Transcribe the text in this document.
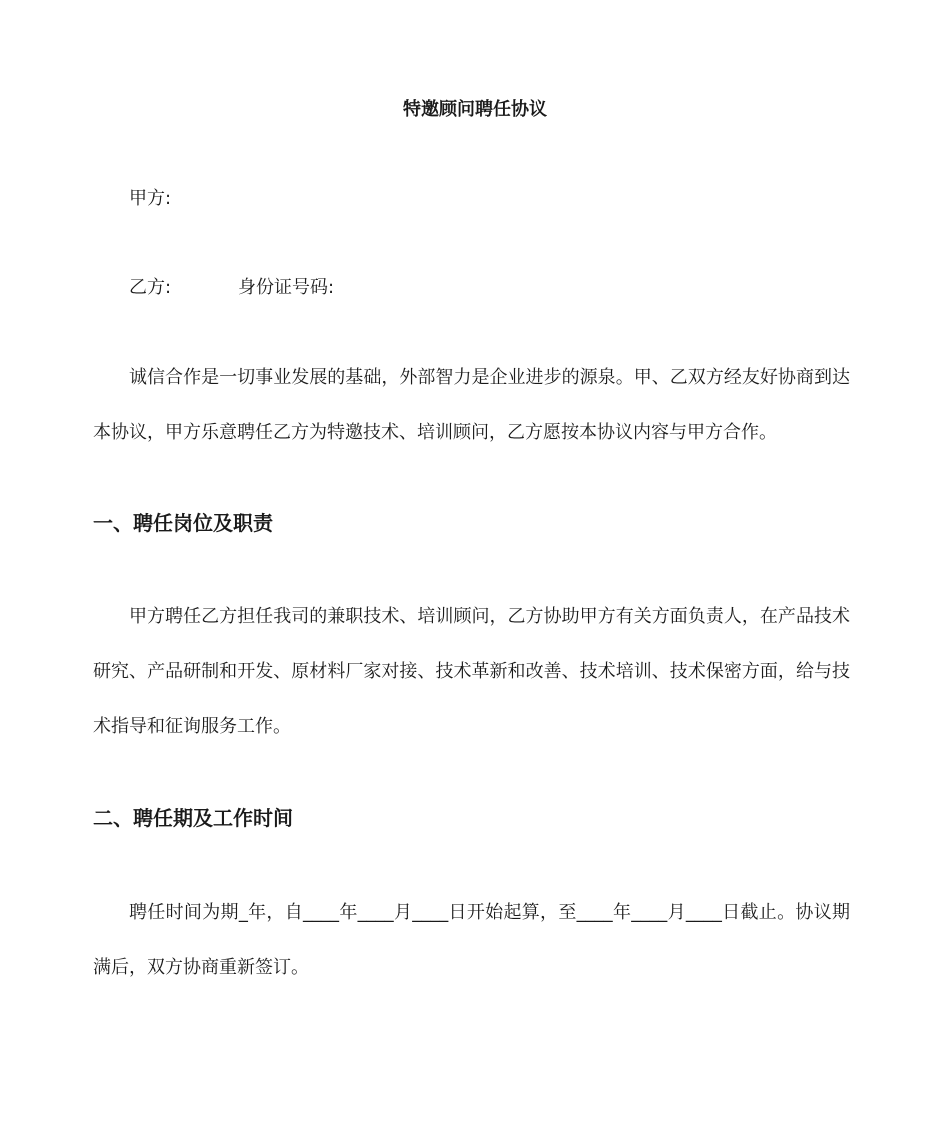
特邀顾问聘任协议
甲方:
乙方:	身份证号码:

诚信合作是一切事业发展的基础，外部智力是企业进步的源泉。甲、乙双方经友好协商到达本协议，甲方乐意聘任乙方为特邀技术、培训顾问，乙方愿按本协议内容与甲方合作。

一、聘任岗位及职责

甲方聘任乙方担任我司的兼职技术、培训顾问，乙方协助甲方有关方面负责人，在产品技术研究、产品研制和开发、原材料厂家对接、技术革新和改善、技术培训、技术保密方面，给与技术指导和征询服务工作。

二、聘任期及工作时间

聘任时间为期_年，自____年____月____日开始起算，至____年____月____日截止。协议期满后，双方协商重新签订。
